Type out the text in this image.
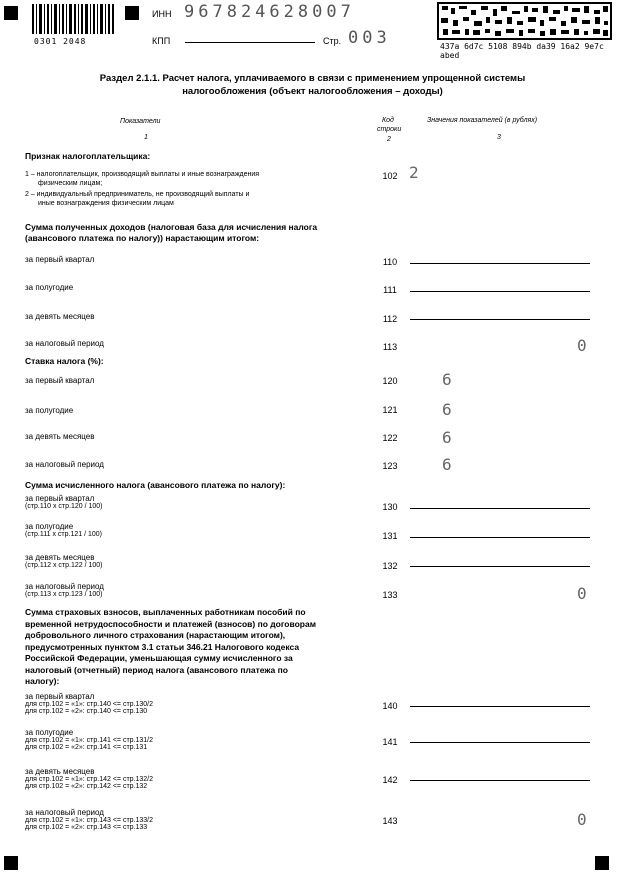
0301 2048
ИНН 967824628007
КПП	Стр. 003	437a 6d7c 5108 894b da39 16a2 9e7c abed
Раздел 2.1.1. Расчет налога, уплачиваемого в связи с применением упрощенной системы
налогообложения (объект налогообложения – доходы)
Показатели
1
Код
строки
2
Значения показателей (в рублях)
3
Признак налогоплательщика:
1 – налогоплательщик, производящий выплаты и иные вознаграждения
физическим лицам;
2 – индивидуальный предприниматель, не производящий выплаты и
иные вознаграждения физическим лицам
102 2
Сумма полученных доходов (налоговая база для исчисления налога
(авансового платежа по налогу)) нарастающим итогом:
за первый квартал	110
за полугодие	111
за девять месяцев	112
за налоговый период	113	0
Ставка налога (%):
за первый квартал	120	6
за полугодие	121	6
за девять месяцев	122	6
за налоговый период	123	6
Сумма исчисленного налога (авансового платежа по налогу):
за первый квартал
(стр.110 х стр.120 / 100)	130
за полугодие
(стр.111 х стр.121 / 100)	131
за девять месяцев
(стр.112 х стр.122 / 100)	132
за налоговый период
(стр.113 х стр.123 / 100)	133	0
Сумма страховых взносов, выплаченных работникам пособий по
временной нетрудоспособности и платежей (взносов) по договорам
добровольного личного страхования (нарастающим итогом),
предусмотренных пунктом 3.1 статьи 346.21 Налогового кодекса
Российской Федерации, уменьшающая сумму исчисленного за
налоговый (отчетный) период налога (авансового платежа по
налогу):
за первый квартал
для стр.102 = «1»: стр.140 <= стр.130/2
для стр.102 = «2»: стр.140 <= стр.130
140
за полугодие
для стр.102 = «1»: стр.141 <= стр.131/2
для стр.102 = «2»: стр.141 <= стр.131
141
за девять месяцев
для стр.102 = «1»: стр.142 <= стр.132/2
для стр.102 = «2»: стр.142 <= стр.132
142
за налоговый период
для стр.102 = «1»: стр.143 <= стр.133/2
для стр.102 = «2»: стр.143 <= стр.133
143	0
